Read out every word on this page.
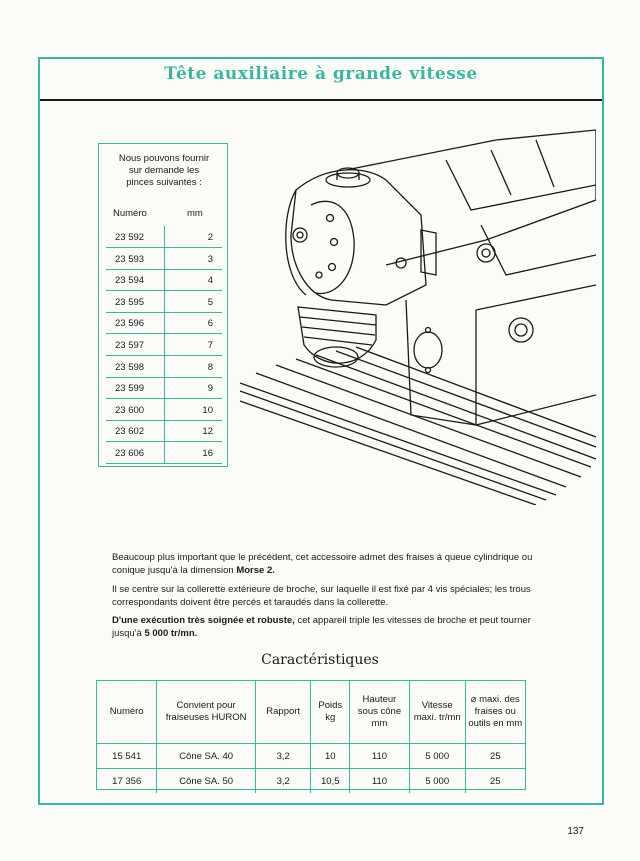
Tête auxiliaire à grande vitesse
Nous pouvons fournir
sur demande les
pinces suivantes :
Numéro	mm
23 592	2
23 593	3
23 594	4
23 595	5
23 596	6
23 597	7
23 598	8
23 599	9
23 600	10
23 602	12
23 606	16
Beaucoup plus important que le précédent, cet accessoire admet des fraises à queue cylindrique ou conique jusqu'à la dimension Morse 2.
Il se centre sur la collerette extérieure de broche, sur laquelle il est fixé par 4 vis spéciales; les trous correspondants doivent être percés et taraudés dans la collerette.
D'une exécution très soignée et robuste, cet appareil triple les vitesses de broche et peut tourner jusqu'à 5 000 tr/mn.
Caractéristiques
Numéro	Convient pour fraiseuses HURON	Rapport	Poids kg	Hauteur sous cône mm	Vitesse maxi. tr/mn	⌀ maxi. des fraises ou outils en mm
15 541	Cône SA. 40	3,2	10	110	5 000	25
17 356	Cône SA. 50	3,2	10,5	110	5 000	25
137
